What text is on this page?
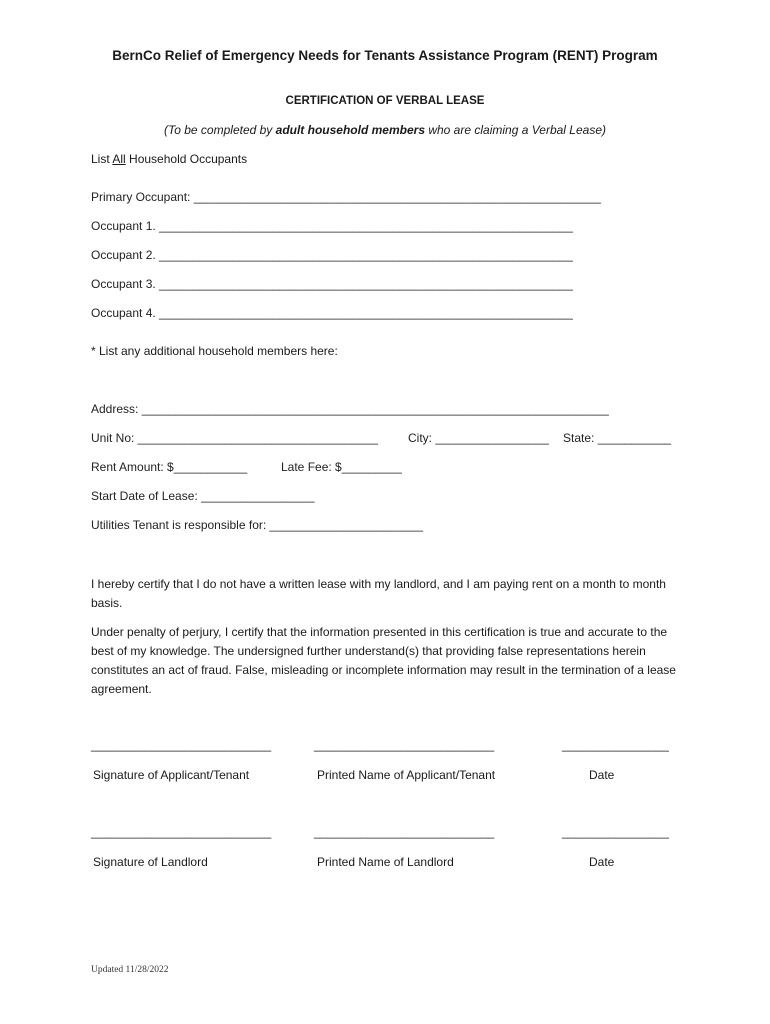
BernCo Relief of Emergency Needs for Tenants Assistance Program (RENT) Program
CERTIFICATION OF VERBAL LEASE
(To be completed by adult household members who are claiming a Verbal Lease)
List All Household Occupants
Primary Occupant: _____________________________________________________________
Occupant 1. ______________________________________________________________
Occupant 2. ______________________________________________________________
Occupant 3. ______________________________________________________________
Occupant 4. ______________________________________________________________
* List any additional household members here:
Address: ______________________________________________________________________
Unit No: ____________________________________	City: _________________ State: ___________
Rent Amount: $___________	Late Fee: $_________
Start Date of Lease: _________________
Utilities Tenant is responsible for: _______________________
I hereby certify that I do not have a written lease with my landlord, and I am paying rent on a month to month basis.
Under penalty of perjury, I certify that the information presented in this certification is true and accurate to the best of my knowledge. The undersigned further understand(s) that providing false representations herein constitutes an act of fraud. False, misleading or incomplete information may result in the termination of a lease agreement.
___________________________	___________________________	________________
Signature of Applicant/Tenant	Printed Name of Applicant/Tenant	Date
___________________________	___________________________	________________
Signature of Landlord	Printed Name of Landlord	Date
Updated 11/28/2022
